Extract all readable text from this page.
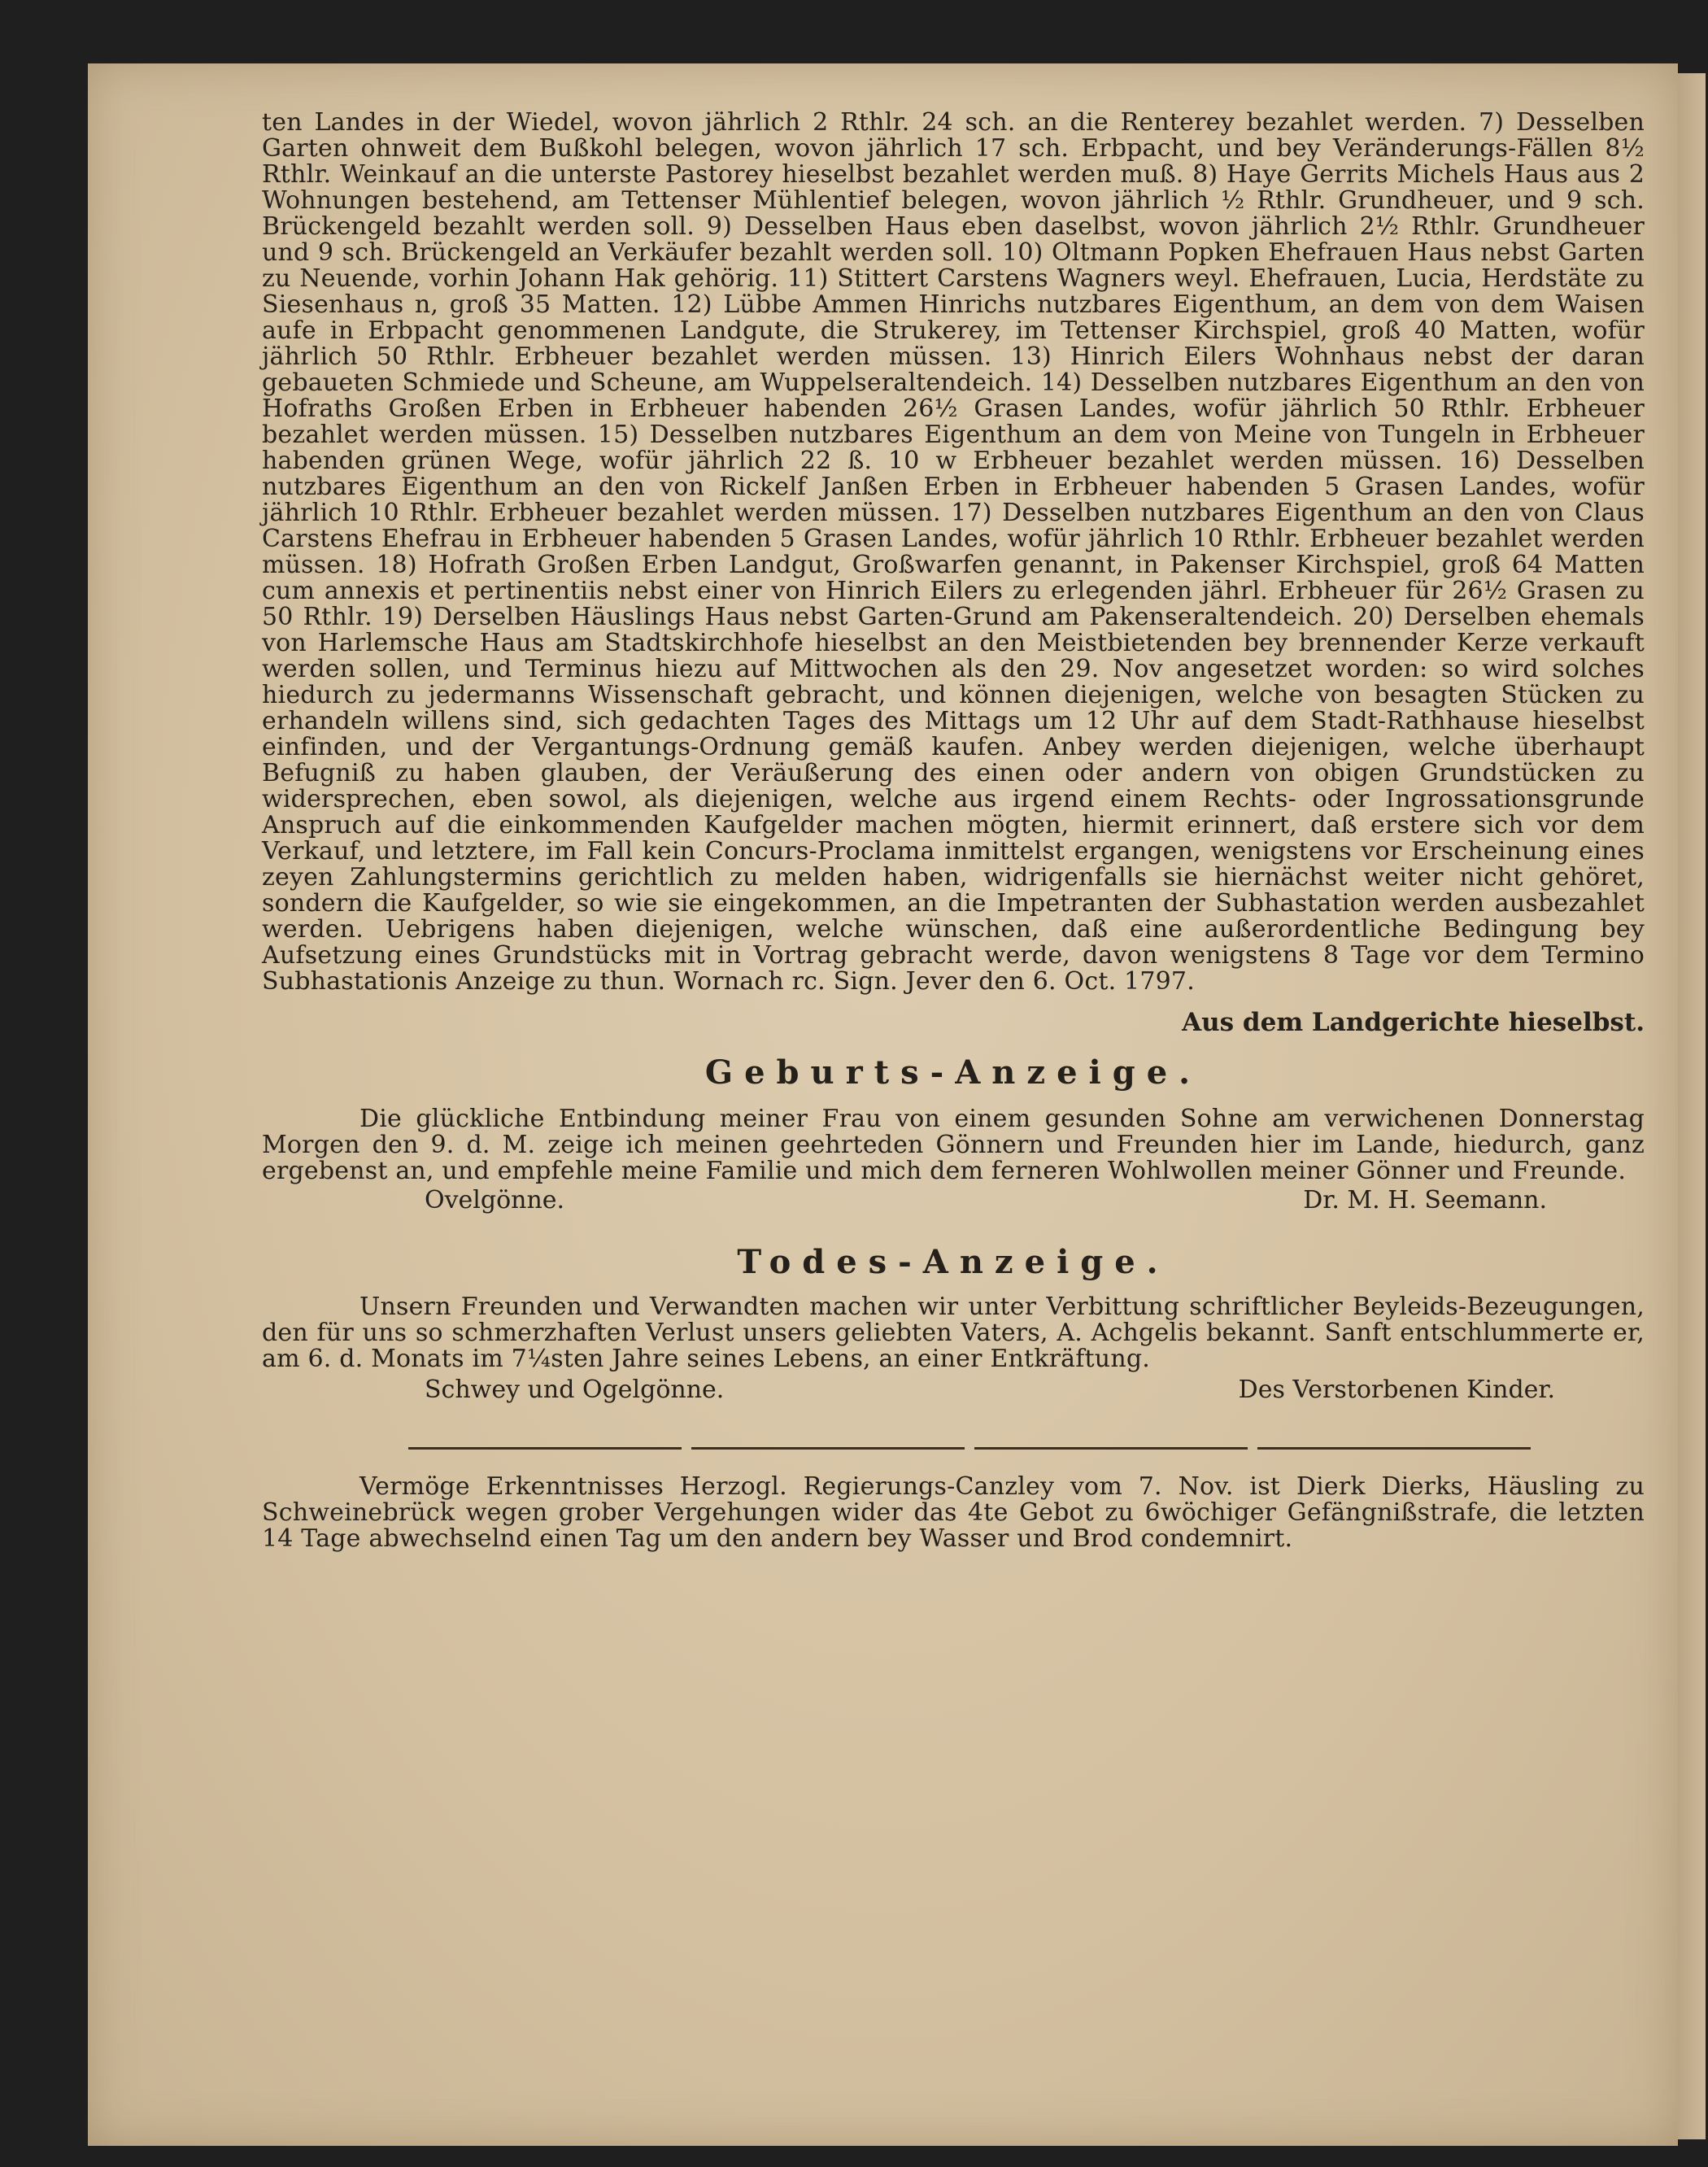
ten Landes in der Wiedel, wovon jährlich 2 Rthlr. 24 sch. an die Renterey bezahlet werden. 7) Desselben Garten ohnweit dem Bußkohl belegen, wovon jährlich 17 sch. Erbpacht, und bey Veränderungs-Fällen 8½ Rthlr. Weinkauf an die unterste Pastorey hieselbst bezahlet werden muß. 8) Haye Gerrits Michels Haus aus 2 Wohnungen bestehend, am Tettenser Mühlentief belegen, wovon jährlich ½ Rthlr. Grundheuer, und 9 sch. Brückengeld bezahlt werden soll. 9) Desselben Haus eben daselbst, wovon jährlich 2½ Rthlr. Grundheuer und 9 sch. Brückengeld an Verkäufer bezahlt werden soll. 10) Oltmann Popken Ehefrauen Haus nebst Garten zu Neuende, vorhin Johann Hak gehörig. 11) Stittert Carstens Wagners weyl. Ehefrauen, Lucia, Herdstäte zu Siesenhaus n, groß 35 Matten. 12) Lübbe Ammen Hinrichs nutzbares Eigenthum, an dem von dem Waisen aufe in Erbpacht genommenen Landgute, die Strukerey, im Tettenser Kirchspiel, groß 40 Matten, wofür jährlich 50 Rthlr. Erbheuer bezahlet werden müssen. 13) Hinrich Eilers Wohnhaus nebst der daran gebaueten Schmiede und Scheune, am Wuppelseraltendeich. 14) Desselben nutzbares Eigenthum an den von Hofraths Großen Erben in Erbheuer habenden 26½ Grasen Landes, wofür jährlich 50 Rthlr. Erbheuer bezahlet werden müssen. 15) Desselben nutzbares Eigenthum an dem von Meine von Tungeln in Erbheuer habenden grünen Wege, wofür jährlich 22 ß. 10 w Erbheuer bezahlet werden müssen. 16) Desselben nutzbares Eigenthum an den von Rickelf Janßen Erben in Erbheuer habenden 5 Grasen Landes, wofür jährlich 10 Rthlr. Erbheuer bezahlet werden müssen. 17) Desselben nutzbares Eigenthum an den von Claus Carstens Ehefrau in Erbheuer habenden 5 Grasen Landes, wofür jährlich 10 Rthlr. Erbheuer bezahlet werden müssen. 18) Hofrath Großen Erben Landgut, Großwarfen genannt, in Pakenser Kirchspiel, groß 64 Matten cum annexis et pertinentiis nebst einer von Hinrich Eilers zu erlegenden jährl. Erbheuer für 26½ Grasen zu 50 Rthlr. 19) Derselben Häuslings Haus nebst Garten-Grund am Pakenseraltendeich. 20) Derselben ehemals von Harlemsche Haus am Stadtskirchhofe hieselbst an den Meistbietenden bey brennender Kerze verkauft werden sollen, und Terminus hiezu auf Mittwochen als den 29. Nov angesetzet worden: so wird solches hiedurch zu jedermanns Wissenschaft gebracht, und können diejenigen, welche von besagten Stücken zu erhandeln willens sind, sich gedachten Tages des Mittags um 12 Uhr auf dem Stadt-Rathhause hieselbst einfinden, und der Vergantungs-Ordnung gemäß kaufen. Anbey werden diejenigen, welche überhaupt Befugniß zu haben glauben, der Veräußerung des einen oder andern von obigen Grundstücken zu widersprechen, eben sowol, als diejenigen, welche aus irgend einem Rechts- oder Ingrossationsgrunde Anspruch auf die einkommenden Kaufgelder machen mögten, hiermit erinnert, daß erstere sich vor dem Verkauf, und letztere, im Fall kein Concurs-Proclama inmittelst ergangen, wenigstens vor Erscheinung eines zeyen Zahlungstermins gerichtlich zu melden haben, widrigenfalls sie hiernächst weiter nicht gehöret, sondern die Kaufgelder, so wie sie eingekommen, an die Impetranten der Subhastation werden ausbezahlet werden. Uebrigens haben diejenigen, welche wünschen, daß eine außerordentliche Bedingung bey Aufsetzung eines Grundstücks mit in Vortrag gebracht werde, davon wenigstens 8 Tage vor dem Termino Subhastationis Anzeige zu thun. Wornach rc. Sign. Jever den 6. Oct. 1797.

Aus dem Landgerichte hieselbst.

Geburts-Anzeige.

Die glückliche Entbindung meiner Frau von einem gesunden Sohne am verwichenen Donnerstag Morgen den 9. d. M. zeige ich meinen geehrteden Gönnern und Freunden hier im Lande, hiedurch, ganz ergebenst an, und empfehle meine Familie und mich dem ferneren Wohlwollen meiner Gönner und Freunde.

Ovelgönne.	Dr. M. H. Seemann.
Todes-Anzeige.

Unsern Freunden und Verwandten machen wir unter Verbittung schriftlicher Beyleids-Bezeugungen, den für uns so schmerzhaften Verlust unsers geliebten Vaters, A. Achgelis bekannt. Sanft entschlummerte er, am 6. d. Monats im 7¼sten Jahre seines Lebens, an einer Entkräftung.

Schwey und Ogelgönne.	Des Verstorbenen Kinder.

Vermöge Erkenntnisses Herzogl. Regierungs-Canzley vom 7. Nov. ist Dierk Dierks, Häusling zu Schweinebrück wegen grober Vergehungen wider das 4te Gebot zu 6wöchiger Gefängnißstrafe, die letzten 14 Tage abwechselnd einen Tag um den andern bey Wasser und Brod condemnirt.
